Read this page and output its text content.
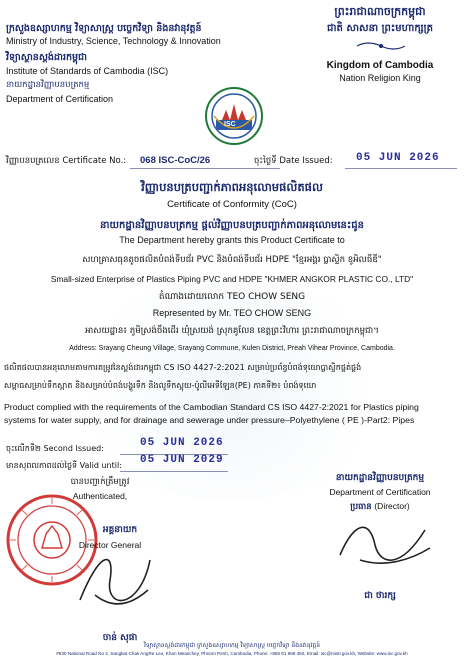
ក្រសួងឧស្សាហកម្ម វិទ្យាសាស្ត្រ បច្ចេកវិទ្យា និងនវានុវត្តន៍
Ministry of Industry, Science, Technology & Innovation
វិទ្យាស្ថានស្តង់ដារកម្ពុជា
Institute of Standards of Cambodia (ISC)
នាយកដ្ឋានវិញ្ញាបនបត្រកម្ម
Department of Certification
ព្រះរាជាណាចក្រកម្ពុជា
ជាតិ សាសនា ព្រះមហាក្សត្រ
Kingdom of Cambodia
Nation Religion King
ISC
វិញ្ញាបនបត្រលេខ Certificate No.: 068 ISC-CoC/26	ចុះថ្ងៃទី Date Issued: 05 JUN 2026
វិញ្ញាបនបត្របញ្ជាក់ភាពអនុលោមផលិតផល
Certificate of Conformity (CoC)
នាយកដ្ឋានវិញ្ញាបនបត្រកម្ម ផ្ដល់វិញ្ញាបនបត្របញ្ជាក់ភាពអនុលោមនេះជូន
The Department hereby grants this Product Certificate to
សហគ្រាសធុនតូចផលិតបំពង់ទីបជ័រ PVC និងបំពង់ទីបជ័រ HDPE "ខ្មែរអង្គរ ប្លាស្ទិក ខូអិលធីឌី"
Small-sized Enterprise of Plastics Piping PVC and HDPE "KHMER ANGKOR PLASTIC CO., LTD"
តំណាងដោយលោក TEO CHOW SENG
Represented by Mr. TEO CHOW SENG
អាសយដ្ឋាន៖ ភូមិស្រង់ចឹងដើរ ឃុំស្រយង់ ស្រុកគូលែន ខេត្តព្រះវិហារ ព្រះរាជាណាចក្រកម្ពុជា។
Address: Srayang Cheung Village, Srayang Commune, Kulen District, Preah Vihear Province, Cambodia.
ផលិតផលបានអនុលោមតាមការតម្រូវនៃស្តង់ដារកម្ពុជា CS ISO 4427-2:2021 សម្រាប់ប្រព័ន្ធបំពង់ទុយោប្លាស្ទិកផ្គត់ផ្គង់
សម្ពាធសម្រាប់ទឹកស្អាត និងសម្រាប់បំពង់បង្ហូរទឹក និងលូទឹកស្អុយ-ប៉ូលីអេទីឡែន(PE) ភាគទី២៖ បំពង់ទុយោ
Product complied with the requirements of the Cambodian Standard CS ISO 4427-2:2021 for Plastics piping
systems for water supply, and for drainage and sewerage under pressure–Polyethylene ( PE )-Part2: Pipes
ចុះលើកទី២ Second Issued:	05 JUN 2026
មានសុពលភាពដល់ថ្ងៃទី Valid until: 05 JUN 2029
បានបញ្ជាក់ត្រឹមត្រូវ
Authenticated,
អគ្គនាយក
Director General
ចាន់ សុផា
នាយកដ្ឋានវិញ្ញាបនបត្រកម្ម
Department of Certification
ប្រធាន (Director)
ជា ថារក្ស
វិទ្យាស្ថានស្តង់ដារកម្ពុជា ក្រសួងឧស្សាហកម្ម វិទ្យាសាស្ត្រ បច្ចេកវិទ្យា និងនវានុវត្តន៍
#530 National Road No 2, Sangkat Chak AngRe Leu, Khan Meanchey, Phnom Penh, Cambodia, Phone: +855 61 969 450, Email: isc@misti.gov.kh, Website: www.isc.gov.kh
